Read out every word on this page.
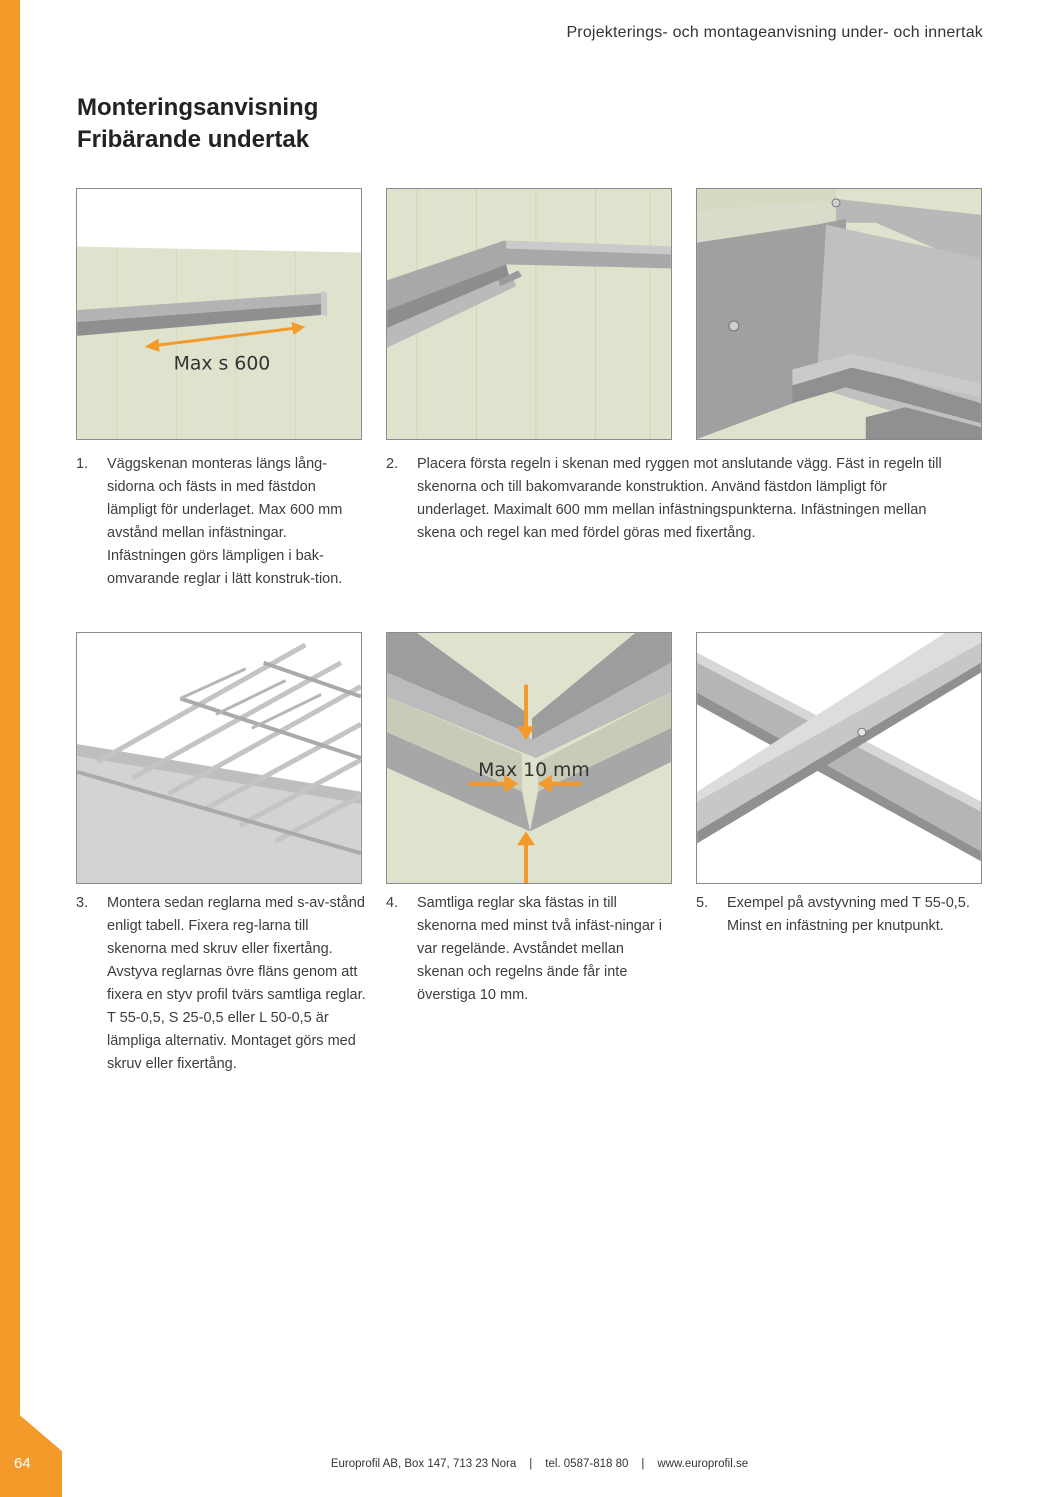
64
Projekterings- och montageanvisning under- och innertak
Monteringsanvisning
Fribärande undertak
Max s 600
1. Väggskenan monteras längs lång-sidorna och fästs in med fästdon lämpligt för underlaget. Max 600 mm avstånd mellan infästningar. Infästningen görs lämpligen i bak-omvarande reglar i lätt konstruk-tion.
2. Placera första regeln i skenan med ryggen mot anslutande vägg. Fäst in regeln till skenorna och till bakomvarande konstruktion. Använd fästdon lämpligt för underlaget. Maximalt 600 mm mellan infästningspunkterna. Infästningen mellan skena och regel kan med fördel göras med fixertång.
Max 10 mm
3. Montera sedan reglarna med s-av-stånd enligt tabell. Fixera reg-larna till skenorna med skruv eller fixertång. Avstyva reglarnas övre fläns genom att fixera en styv profil tvärs samtliga reglar. T 55-0,5, S 25-0,5 eller L 50-0,5 är lämpliga alternativ. Montaget görs med skruv eller fixertång.
4. Samtliga reglar ska fästas in till skenorna med minst två infäst-ningar i var regelände. Avståndet mellan skenan och regelns ände får inte överstiga 10 mm.
5. Exempel på avstyvning med T 55-0,5. Minst en infästning per knutpunkt.
Europrofil AB, Box 147, 713 23 Nora | tel. 0587-818 80 | www.europrofil.se
